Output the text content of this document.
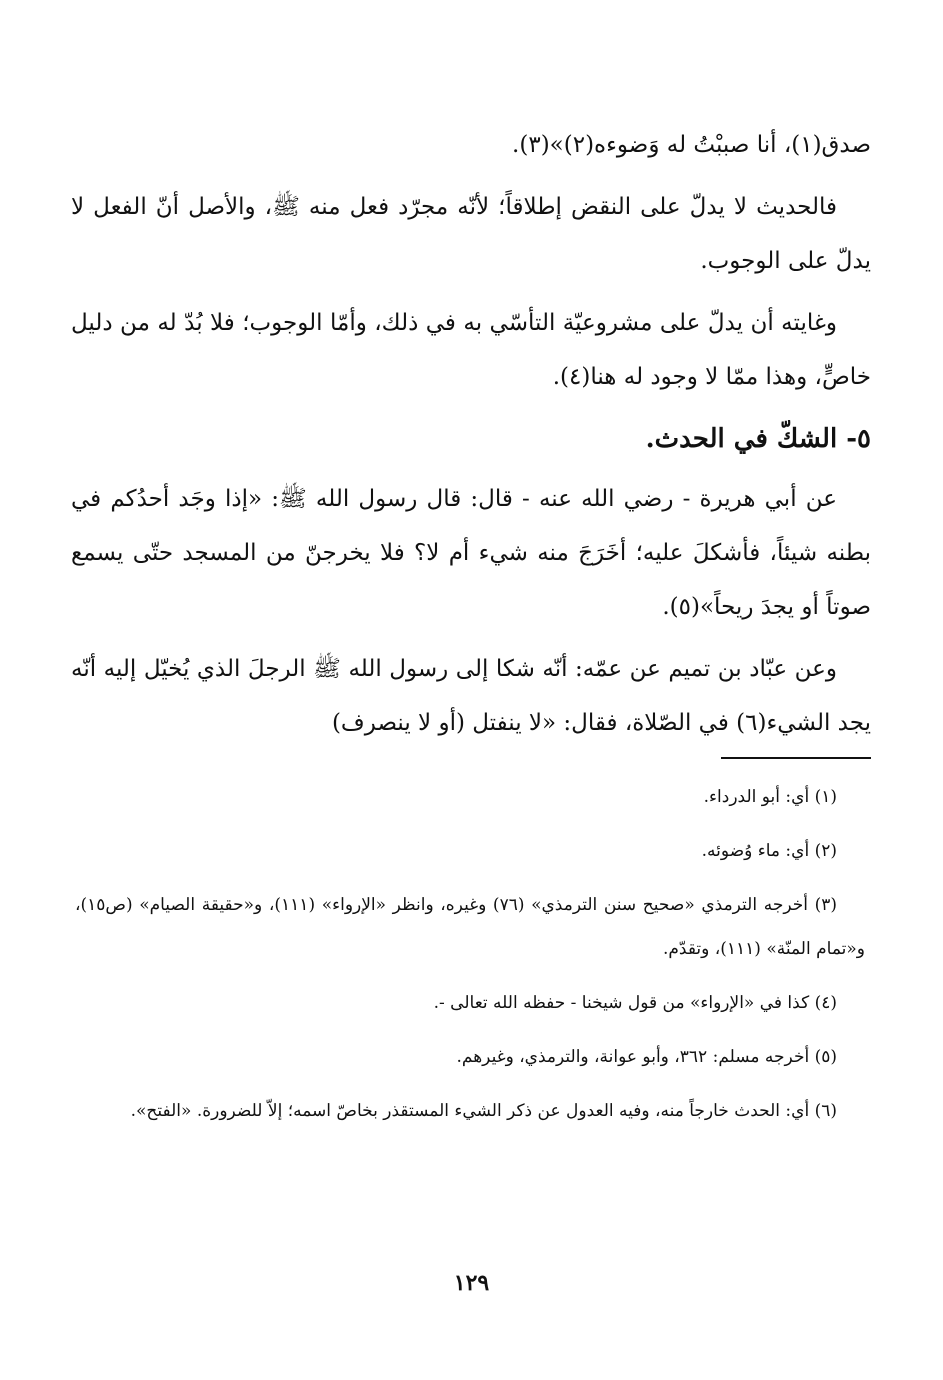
صدق(١)، أنا صببْتُ له وَضوءه(٢)»(٣).

فالحديث لا يدلّ على النقض إطلاقاً؛ لأنّه مجرّد فعل منه ﷺ، والأصل أنّ الفعل لا يدلّ على الوجوب.

وغايته أن يدلّ على مشروعيّة التأسّي به في ذلك، وأمّا الوجوب؛ فلا بُدّ له من دليل خاصٍّ، وهذا ممّا لا وجود له هنا(٤).

٥- الشكّ في الحدث.

عن أبي هريرة - رضي الله عنه - قال: قال رسول الله ﷺ: «إذا وجَد أحدُكم في بطنه شيئاً، فأشكلَ عليه؛ أخَرَجَ منه شيء أم لا؟ فلا يخرجنّ من المسجد حتّى يسمع صوتاً أو يجدَ ريحاً»(٥).

وعن عبّاد بن تميم عن عمّه: أنّه شكا إلى رسول الله ﷺ الرجلَ الذي يُخيّل إليه أنّه يجد الشيء(٦) في الصّلاة، فقال: «لا ينفتل (أو لا ينصرف)

(١) أي: أبو الدرداء.

(٢) أي: ماء وُضوئه.

(٣) أخرجه الترمذي «صحيح سنن الترمذي» (٧٦) وغيره، وانظر «الإرواء» (١١١)، و«حقيقة الصيام» (ص١٥)، و«تمام المنّة» (١١١)، وتقدّم.

(٤) كذا في «الإرواء» من قول شيخنا - حفظه الله تعالى -.

(٥) أخرجه مسلم: ٣٦٢، وأبو عوانة، والترمذي، وغيرهم.

(٦) أي: الحدث خارجاً منه، وفيه العدول عن ذكر الشيء المستقذر بخاصّ اسمه؛ إلاّ للضرورة. «الفتح».

١٢٩
